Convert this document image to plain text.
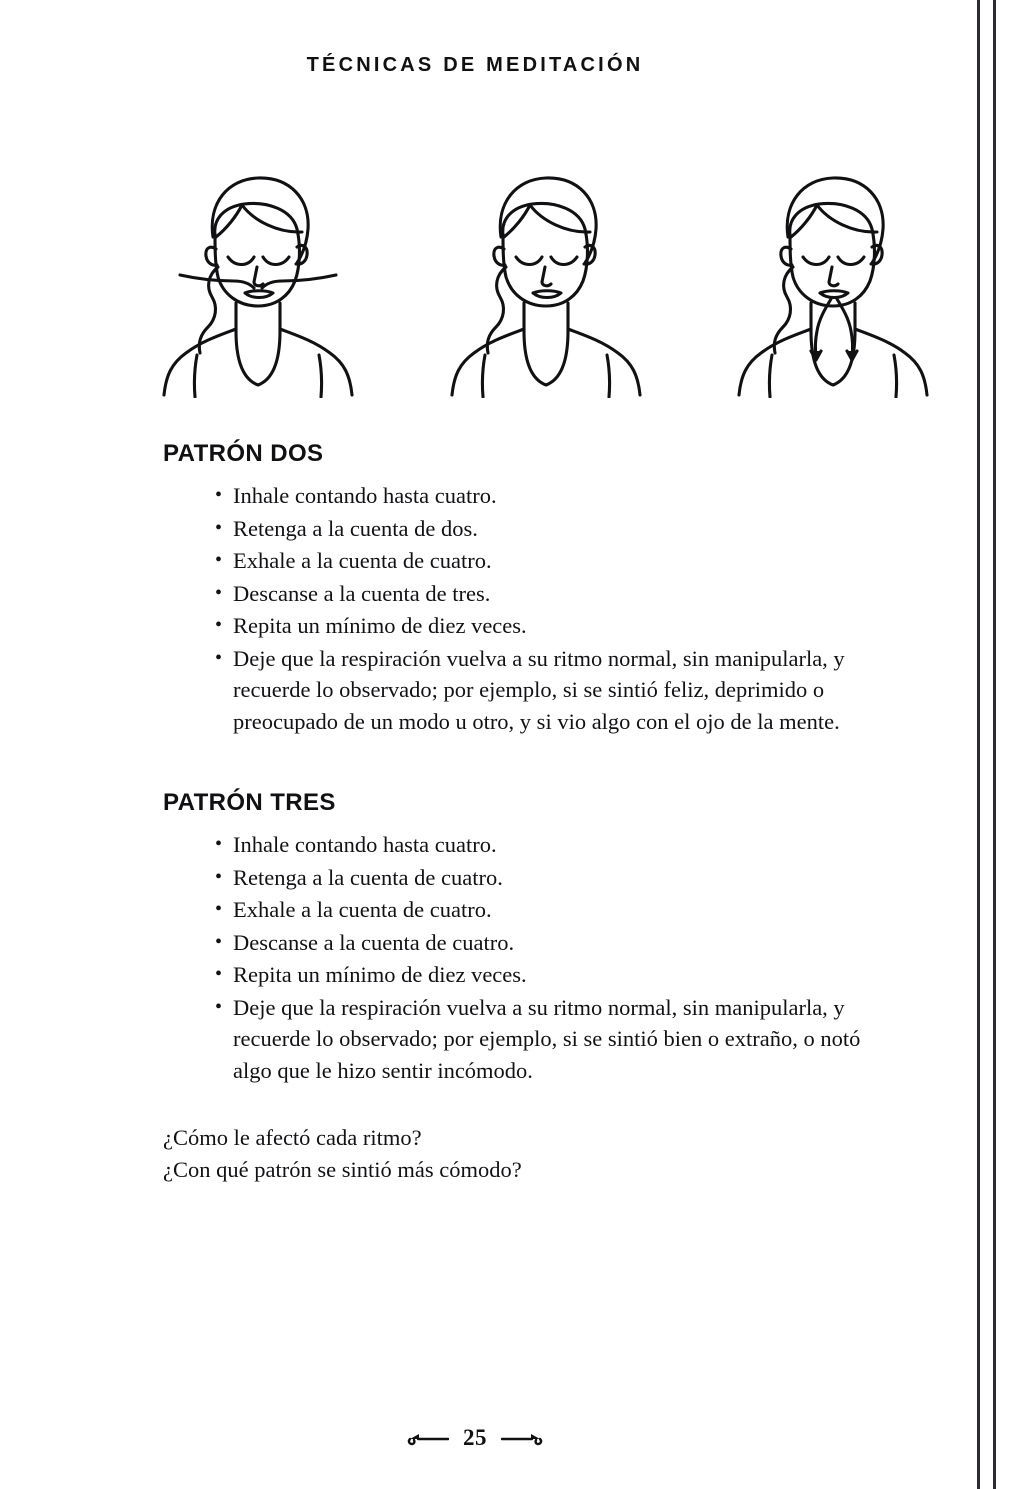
TÉCNICAS DE MEDITACIÓN
PATRÓN DOS
• Inhale contando hasta cuatro.
• Retenga a la cuenta de dos.
• Exhale a la cuenta de cuatro.
• Descanse a la cuenta de tres.
• Repita un mínimo de diez veces.
• Deje que la respiración vuelva a su ritmo normal, sin manipularla, y recuerde lo observado; por ejemplo, si se sintió feliz, deprimido o preocupado de un modo u otro, y si vio algo con el ojo de la mente.
PATRÓN TRES
• Inhale contando hasta cuatro.
• Retenga a la cuenta de cuatro.
• Exhale a la cuenta de cuatro.
• Descanse a la cuenta de cuatro.
• Repita un mínimo de diez veces.
• Deje que la respiración vuelva a su ritmo normal, sin manipularla, y recuerde lo observado; por ejemplo, si se sintió bien o extraño, o notó algo que le hizo sentir incómodo.

¿Cómo le afectó cada ritmo?

¿Con qué patrón se sintió más cómodo?

25
